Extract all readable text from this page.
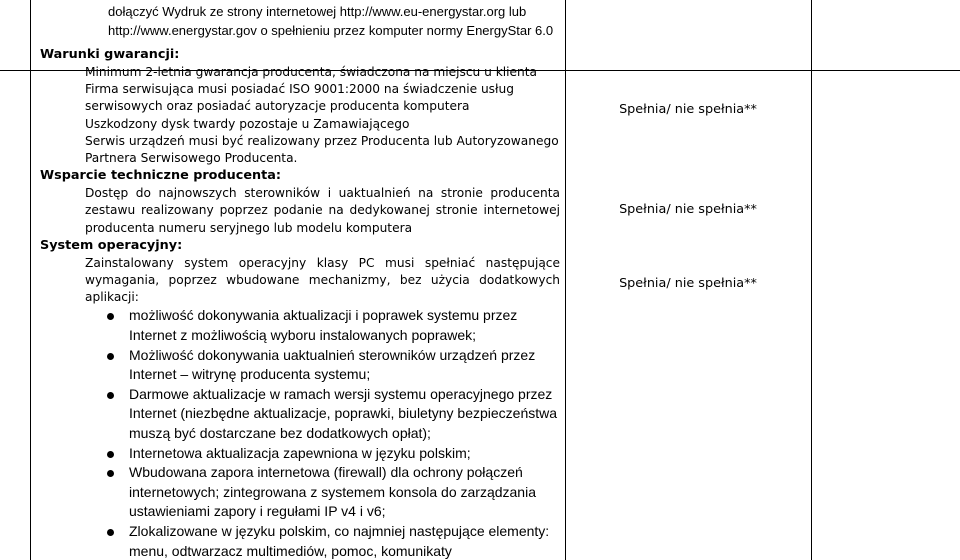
dołączyć Wydruk ze strony internetowej http://www.eu-energystar.org lub http://www.energystar.gov o spełnieniu przez komputer normy EnergyStar 6.0

Warunki gwarancji:

Minimum 2-letnia gwarancja producenta, świadczona na miejscu u klienta

Firma serwisująca musi posiadać ISO 9001:2000 na świadczenie usług serwisowych oraz posiadać autoryzacje producenta komputera

Uszkodzony dysk twardy pozostaje u Zamawiającego

Serwis urządzeń musi być realizowany przez Producenta lub Autoryzowanego Partnera Serwisowego Producenta.

Wsparcie techniczne producenta:

Dostęp do najnowszych sterowników i uaktualnień na stronie producenta zestawu realizowany poprzez podanie na dedykowanej stronie internetowej producenta numeru seryjnego lub modelu komputera

System operacyjny:

Zainstalowany system operacyjny klasy PC musi spełniać następujące wymagania, poprzez wbudowane mechanizmy, bez użycia dodatkowych aplikacji:

możliwość dokonywania aktualizacji i poprawek systemu przez Internet z możliwością wyboru instalowanych poprawek;
Możliwość dokonywania uaktualnień sterowników urządzeń przez Internet – witrynę producenta systemu;
Darmowe aktualizacje w ramach wersji systemu operacyjnego przez Internet (niezbędne aktualizacje, poprawki, biuletyny bezpieczeństwa muszą być dostarczane bez dodatkowych opłat);
Internetowa aktualizacja zapewniona w języku polskim;
Wbudowana zapora internetowa (firewall) dla ochrony połączeń internetowych; zintegrowana z systemem konsola do zarządzania ustawieniami zapory i regułami IP v4 i v6;
Zlokalizowane w języku polskim, co najmniej następujące elementy: menu, odtwarzacz multimediów, pomoc, komunikaty
Spełnia/ nie spełnia**
Spełnia/ nie spełnia**
Spełnia/ nie spełnia**
